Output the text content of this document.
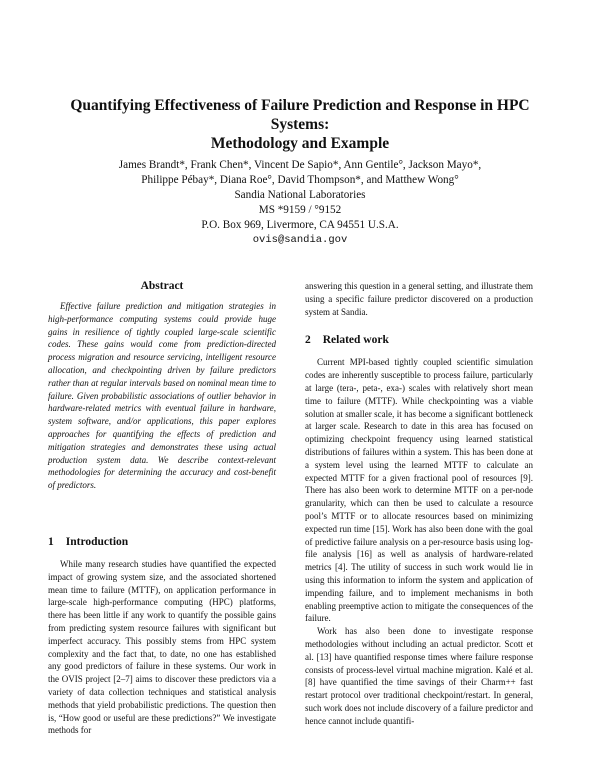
Quantifying Effectiveness of Failure Prediction and Response in HPC Systems:
Methodology and Example
James Brandt*, Frank Chen*, Vincent De Sapio*, Ann Gentile°, Jackson Mayo*,
Philippe Pébay*, Diana Roe°, David Thompson*, and Matthew Wong°
Sandia National Laboratories
MS *9159 / °9152
P.O. Box 969, Livermore, CA 94551 U.S.A.
ovis@sandia.gov
Abstract

Effective failure prediction and mitigation strategies in high-performance computing systems could provide huge gains in resilience of tightly coupled large-scale scientific codes. These gains would come from prediction-directed process migration and resource servicing, intelligent resource allocation, and checkpointing driven by failure predictors rather than at regular intervals based on nominal mean time to failure. Given probabilistic associations of outlier behavior in hardware-related metrics with eventual failure in hardware, system software, and/or applications, this paper explores approaches for quantifying the effects of prediction and mitigation strategies and demonstrates these using actual production system data. We describe context-relevant methodologies for determining the accuracy and cost-benefit of predictors.

1 Introduction

While many research studies have quantified the expected impact of growing system size, and the associated shortened mean time to failure (MTTF), on application performance in large-scale high-performance computing (HPC) platforms, there has been little if any work to quantify the possible gains from predicting system resource failures with significant but imperfect accuracy. This possibly stems from HPC system complexity and the fact that, to date, no one has established any good predictors of failure in these systems. Our work in the OVIS project [2–7] aims to discover these predictors via a variety of data collection techniques and statistical analysis methods that yield probabilistic predictions. The question then is, “How good or useful are these predictions?” We investigate methods for

answering this question in a general setting, and illustrate them using a specific failure predictor discovered on a production system at Sandia.

2 Related work

Current MPI-based tightly coupled scientific simulation codes are inherently susceptible to process failure, particularly at large (tera-, peta-, exa-) scales with relatively short mean time to failure (MTTF). While checkpointing was a viable solution at smaller scale, it has become a significant bottleneck at larger scale. Research to date in this area has focused on optimizing checkpoint frequency using learned statistical distributions of failures within a system. This has been done at a system level using the learned MTTF to calculate an expected MTTF for a given fractional pool of resources [9]. There has also been work to determine MTTF on a per-node granularity, which can then be used to calculate a resource pool’s MTTF or to allocate resources based on minimizing expected run time [15]. Work has also been done with the goal of predictive failure analysis on a per-resource basis using log-file analysis [16] as well as analysis of hardware-related metrics [4]. The utility of success in such work would lie in using this information to inform the system and application of impending failure, and to implement mechanisms in both enabling preemptive action to mitigate the consequences of the failure.

Work has also been done to investigate response methodologies without including an actual predictor. Scott et al. [13] have quantified response times where failure response consists of process-level virtual machine migration. Kalé et al. [8] have quantified the time savings of their Charm++ fast restart protocol over traditional checkpoint/restart. In general, such work does not include discovery of a failure predictor and hence cannot include quantifi-
